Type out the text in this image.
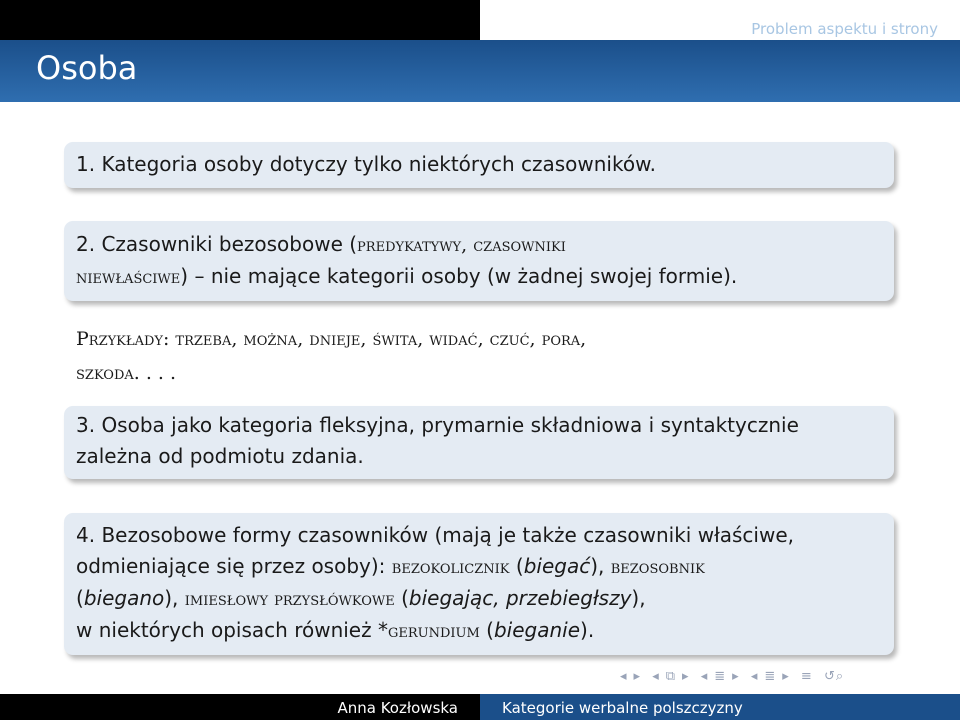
Tryb, czas, osoba
Problem aspektu i strony
Osoba
1. Kategoria osoby dotyczy tylko niektórych czasowników.
2. Czasowniki bezosobowe (predykatywy, czasowniki
niewłaściwe) – nie mające kategorii osoby (w żadnej swojej formie).
Przykłady: trzeba, można, dnieje, świta, widać, czuć, pora,
szkoda. . . .
3. Osoba jako kategoria fleksyjna, prymarnie składniowa i syntaktycznie
zależna od podmiotu zdania.
4. Bezosobowe formy czasowników (mają je także czasowniki właściwe,
odmieniające się przez osoby): bezokolicznik (biegać), bezosobnik
(biegano), imiesłowy przysłówkowe (biegając, przebiegłszy),
w niektórych opisach również *gerundium (bieganie).
◂ ▸ ◂ ⧉ ▸ ◂ ≣ ▸ ◂ ≣ ▸ ≡ ↺⌕
Anna Kozłowska	Kategorie werbalne polszczyzny
